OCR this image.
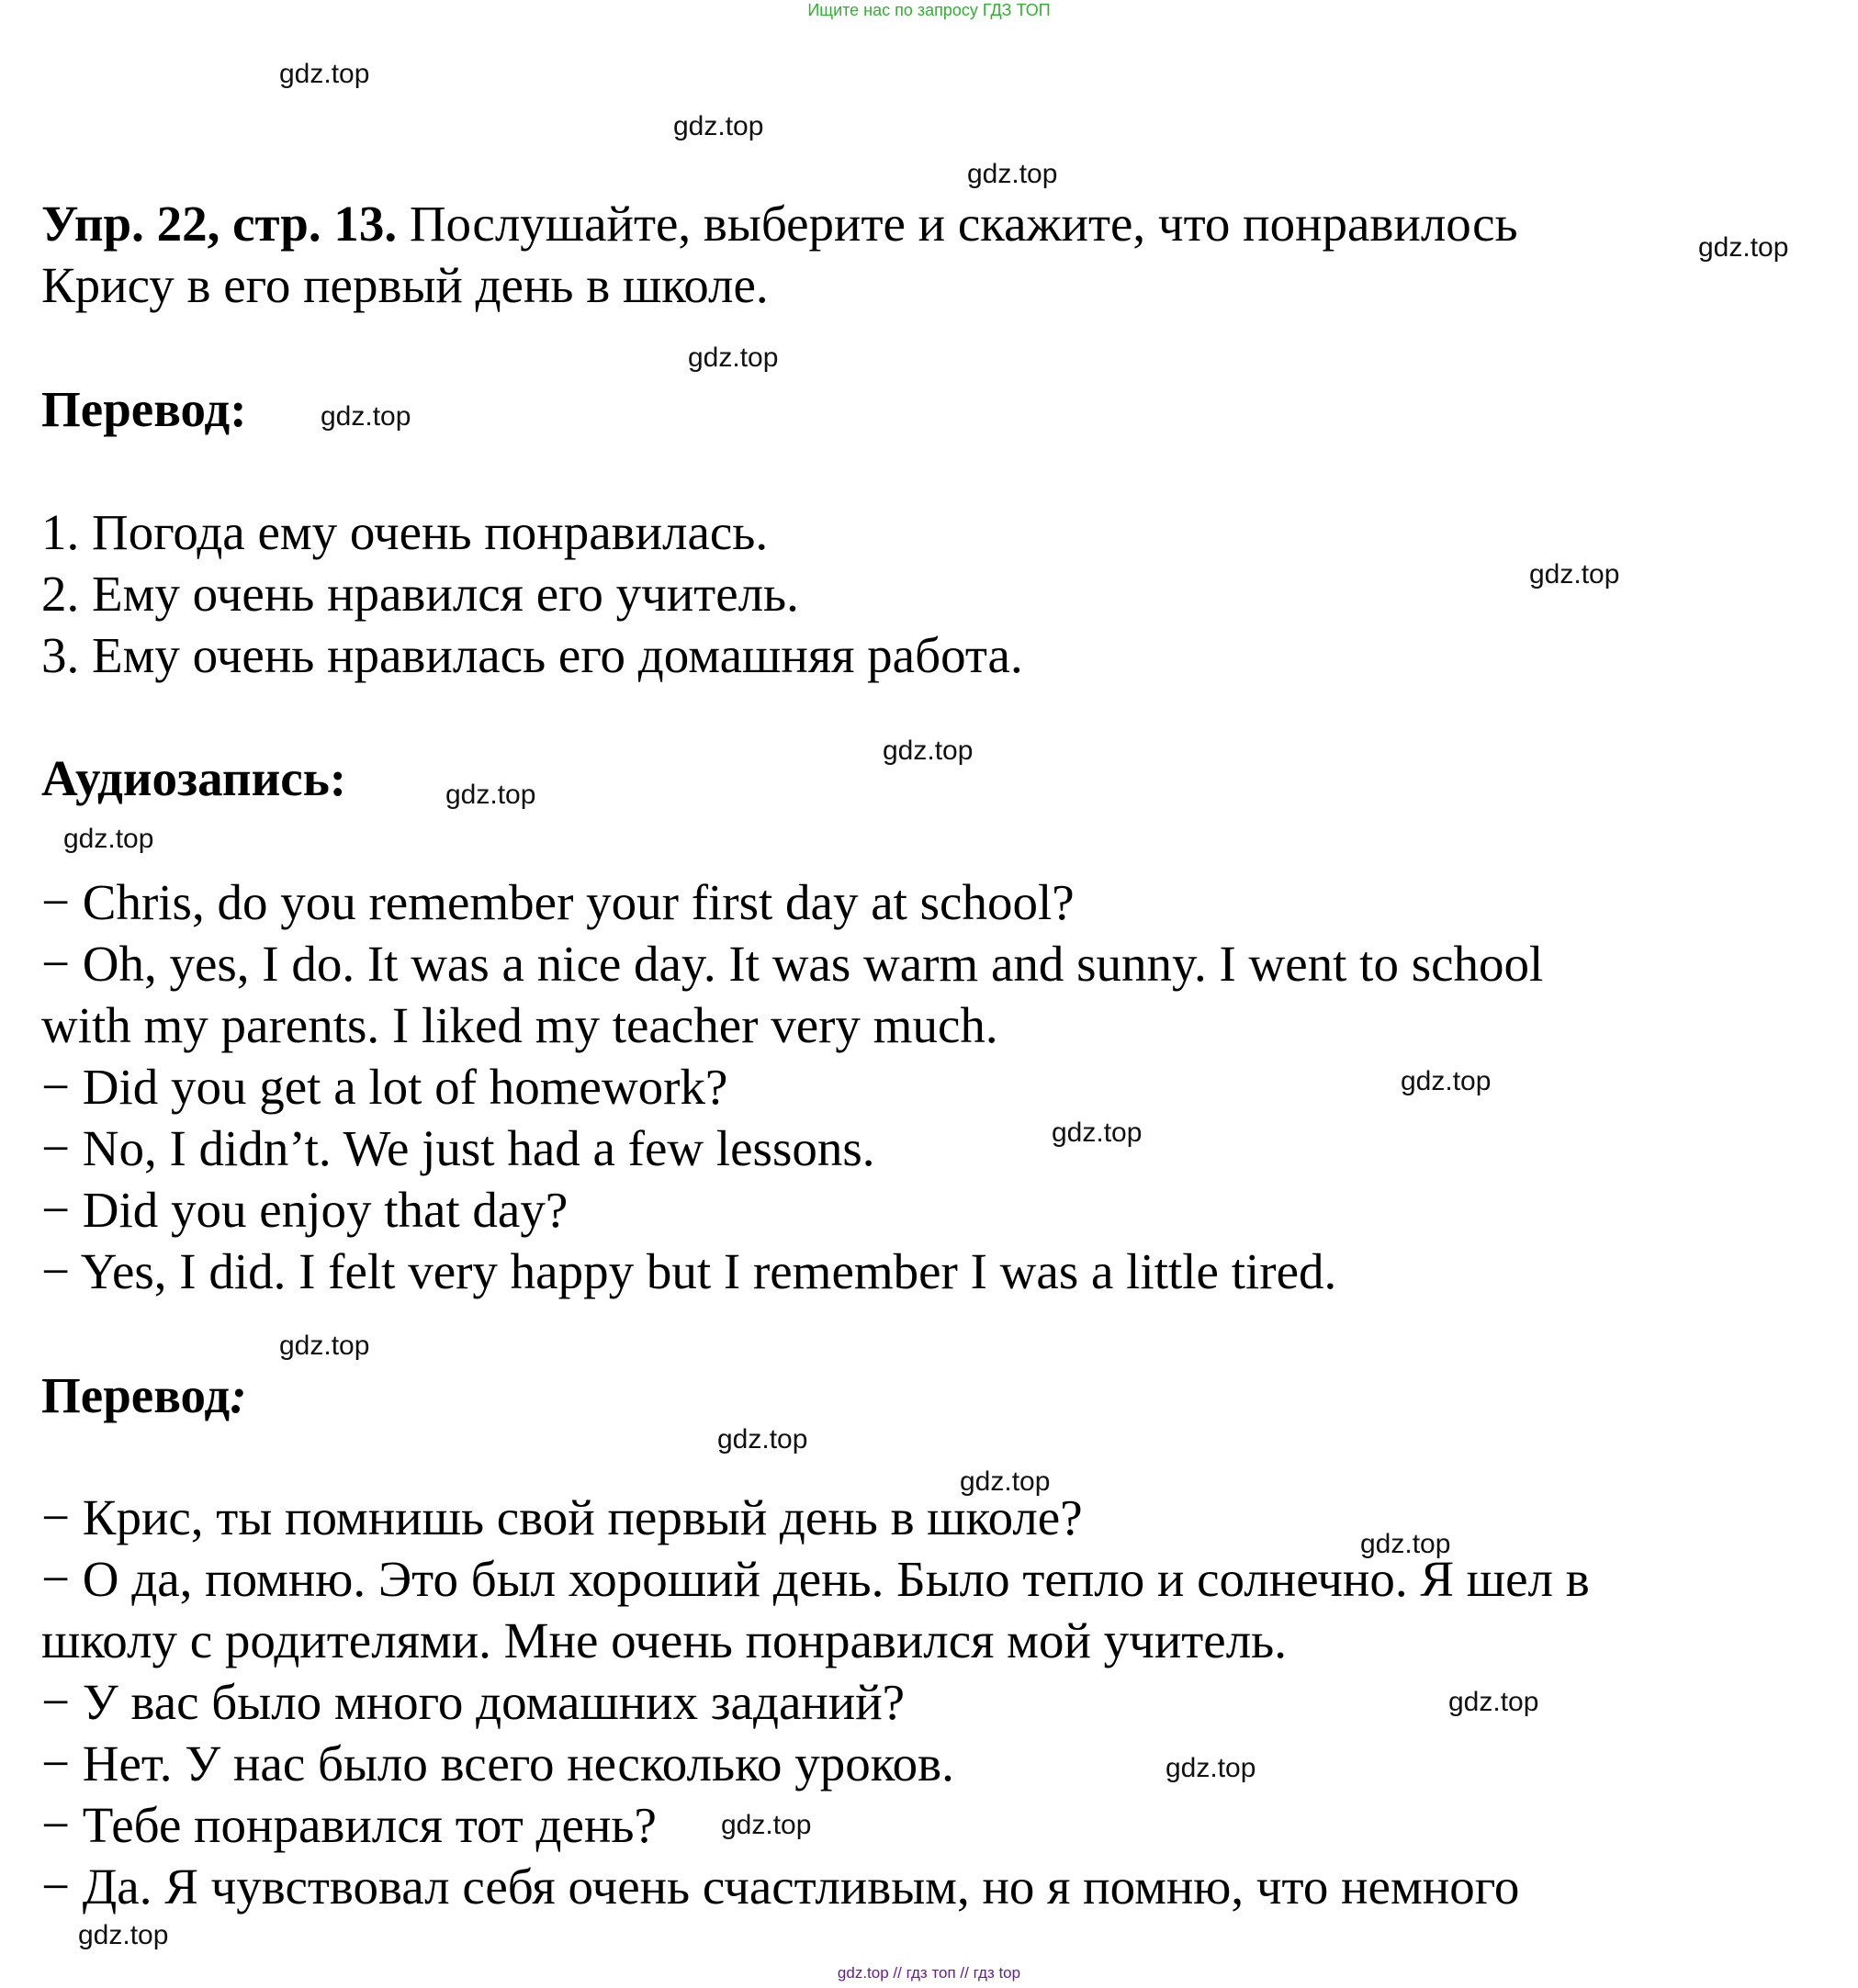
Ищите нас по запросу ГДЗ ТОП
gdz.top
gdz.top
gdz.top
gdz.top
gdz.top
gdz.top
gdz.top
gdz.top
gdz.top
gdz.top
gdz.top
gdz.top
gdz.top
gdz.top
gdz.top
gdz.top
gdz.top
gdz.top
gdz.top
gdz.top
Упр. 22, стр. 13. Послушайте, выберите и скажите, что понравилось
Крису в его первый день в школе.
Перевод:
1. Погода ему очень понравилась.
2. Ему очень нравился его учитель.
3. Ему очень нравилась его домашняя работа.
Аудиозапись:
− Chris, do you remember your first day at school?
− Oh, yes, I do. It was a nice day. It was warm and sunny. I went to school
with my parents. I liked my teacher very much.
− Did you get a lot of homework?
− No, I didn’t. We just had a few lessons.
− Did you enjoy that day?
− Yes, I did. I felt very happy but I remember I was a little tired.
Перевод:
− Крис, ты помнишь свой первый день в школе?
− О да, помню. Это был хороший день. Было тепло и солнечно. Я шел в
школу с родителями. Мне очень понравился мой учитель.
− У вас было много домашних заданий?
− Нет. У нас было всего несколько уроков.
− Тебе понравился тот день?
− Да. Я чувствовал себя очень счастливым, но я помню, что немного
gdz.top // гдз топ // гдз top
